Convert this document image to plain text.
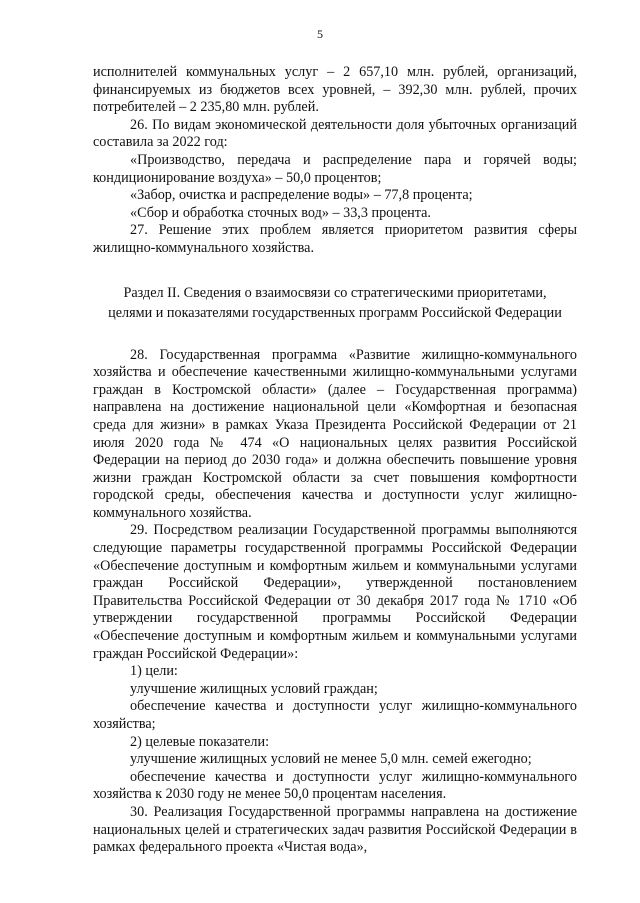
5

исполнителей коммунальных услуг – 2 657,10 млн. рублей, организаций, финансируемых из бюджетов всех уровней, – 392,30 млн. рублей, прочих потребителей – 2 235,80 млн. рублей.

26. По видам экономической деятельности доля убыточных организаций составила за 2022 год:

«Производство, передача и распределение пара и горячей воды; кондиционирование воздуха» – 50,0 процентов;

«Забор, очистка и распределение воды» – 77,8 процента;

«Сбор и обработка сточных вод» – 33,3 процента.

27. Решение этих проблем является приоритетом развития сферы жилищно-коммунального хозяйства.

Раздел II. Сведения о взаимосвязи со стратегическими приоритетами,

целями и показателями государственных программ Российской Федерации

28. Государственная программа «Развитие жилищно-коммунального хозяйства и обеспечение качественными жилищно-коммунальными услугами граждан в Костромской области» (далее – Государственная программа) направлена на достижение национальной цели «Комфортная и безопасная среда для жизни» в рамках Указа Президента Российской Федерации от 21 июля 2020 года № 474 «О национальных целях развития Российской Федерации на период до 2030 года» и должна обеспечить повышение уровня жизни граждан Костромской области за счет повышения комфортности городской среды, обеспечения качества и доступности услуг жилищно-коммунального хозяйства.

29. Посредством реализации Государственной программы выполняются следующие параметры государственной программы Российской Федерации «Обеспечение доступным и комфортным жильем и коммунальными услугами граждан Российской Федерации», утвержденной постановлением Правительства Российской Федерации от 30 декабря 2017 года № 1710 «Об утверждении государственной программы Российской Федерации «Обеспечение доступным и комфортным жильем и коммунальными услугами граждан Российской Федерации»:

1) цели:

улучшение жилищных условий граждан;

обеспечение качества и доступности услуг жилищно-коммунального хозяйства;

2) целевые показатели:

улучшение жилищных условий не менее 5,0 млн. семей ежегодно;

обеспечение качества и доступности услуг жилищно-коммунального хозяйства к 2030 году не менее 50,0 процентам населения.

30. Реализация Государственной программы направлена на достижение национальных целей и стратегических задач развития Российской Федерации в рамках федерального проекта «Чистая вода»,
